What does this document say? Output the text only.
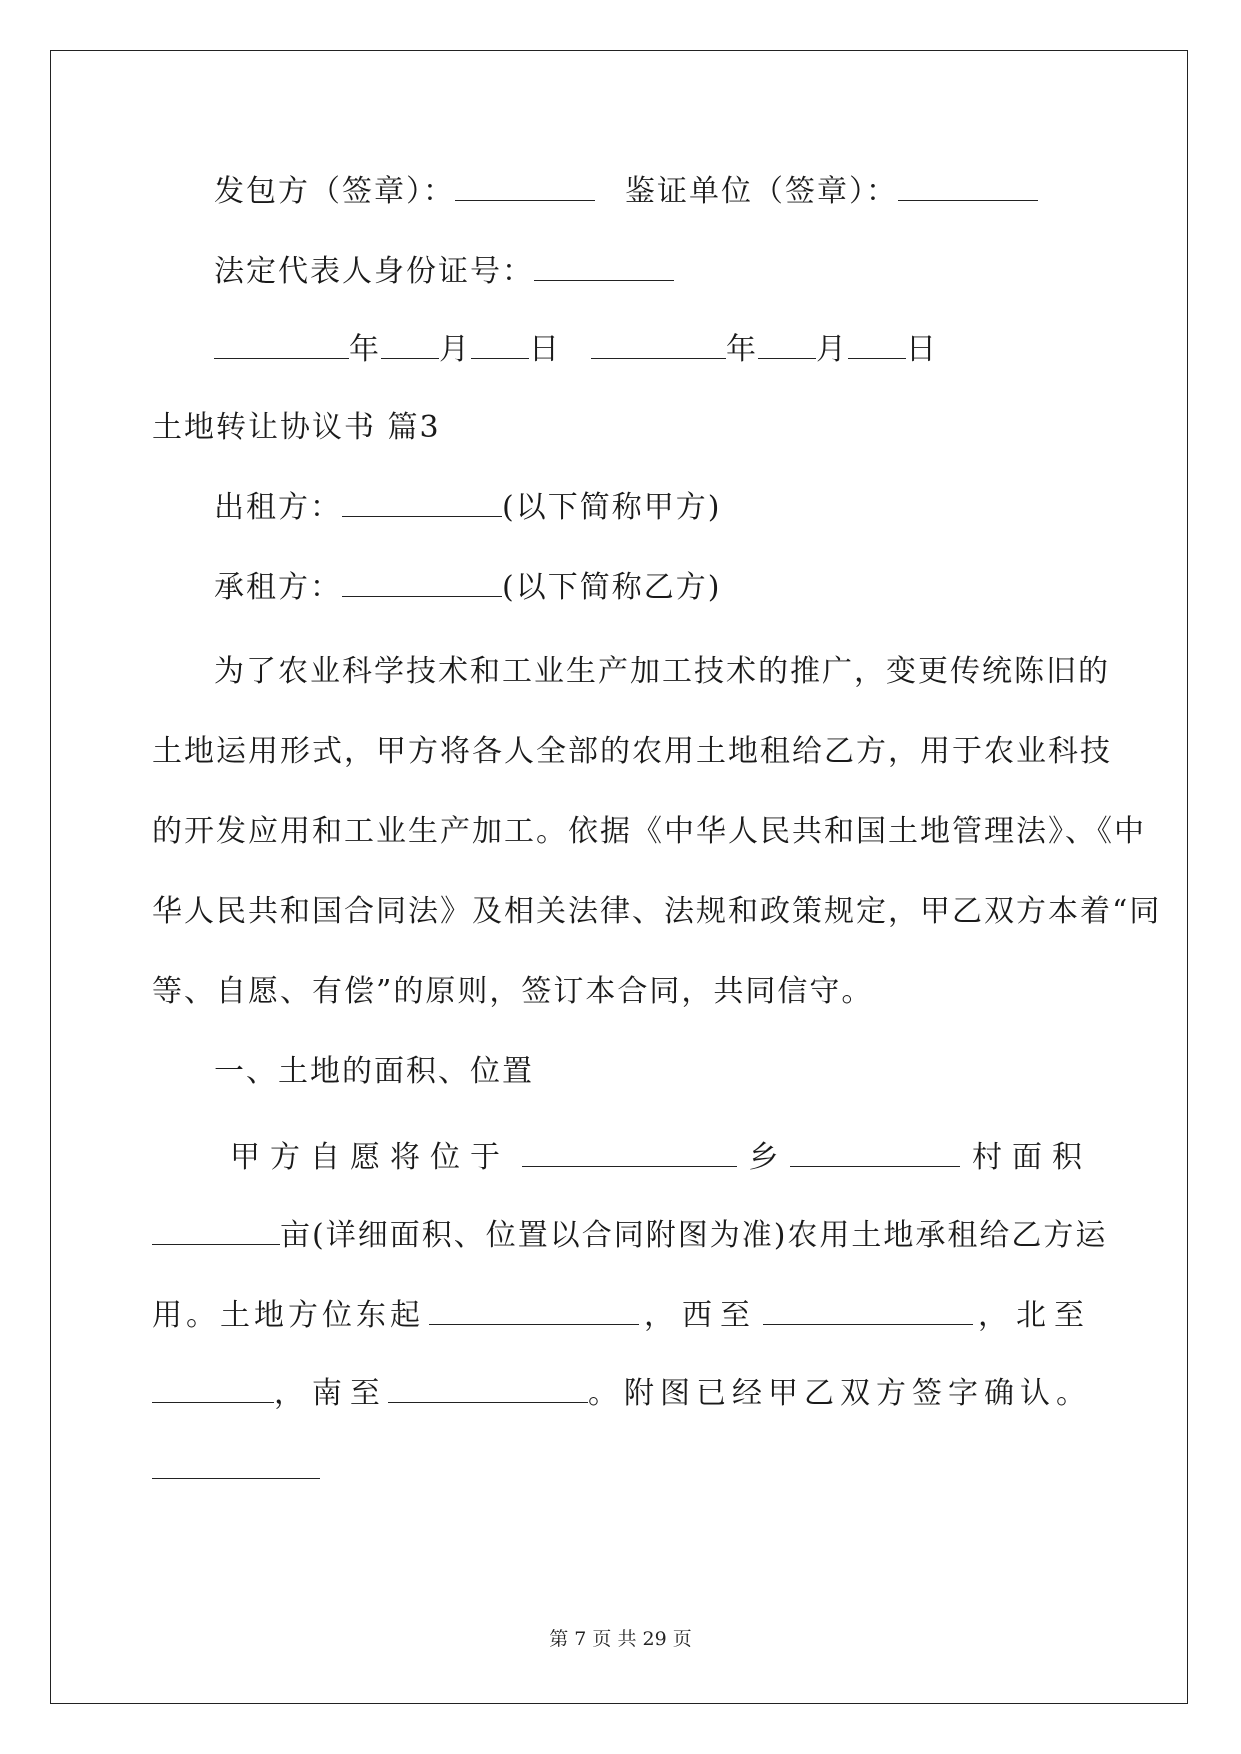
发包方（签章）：	鉴证单位（签章）：
法定代表人身份证号：
年 月 日	年 月 日
土地转让协议书 篇3
出租方：	(以下简称甲方)
承租方：	(以下简称乙方)
为了农业科学技术和工业生产加工技术的推广，变更传统陈旧的
土地运用形式，甲方将各人全部的农用土地租给乙方，用于农业科技
的开发应用和工业生产加工。依据《中华人民共和国土地管理法》、《中
华人民共和国合同法》及相关法律、法规和政策规定，甲乙双方本着“同
等、自愿、有偿”的原则，签订本合同，共同信守。
一、土地的面积、位置
甲方自愿将位于	乡	村面积
亩(详细面积、位置以合同附图为准)农用土地承租给乙方运
用。土地方位东起	，西至	，北至
，南至	。附图已经甲乙双方签字确认。
第 7 页 共 29 页
